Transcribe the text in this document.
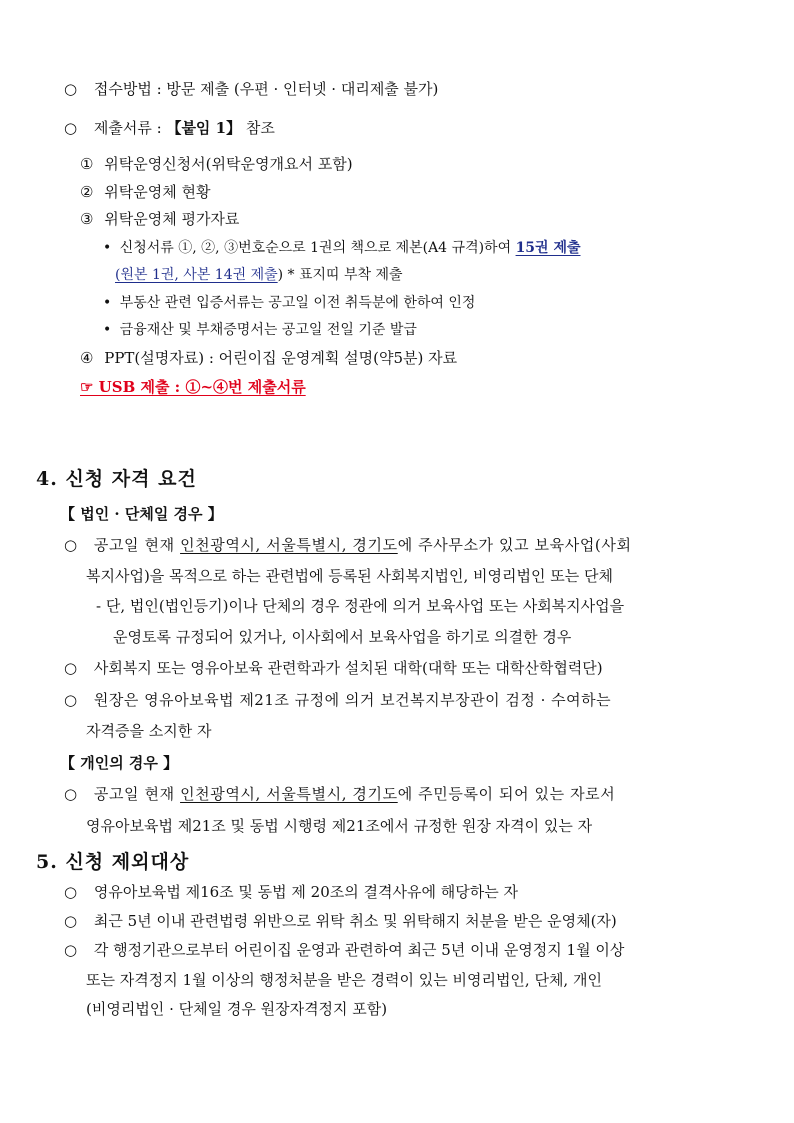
○ 접수방법 : 방문 제출 (우편 · 인터넷 · 대리제출 불가)
○ 제출서류 : 【붙임 1】 참조
① 위탁운영신청서(위탁운영개요서 포함)
② 위탁운영체 현황
③ 위탁운영체 평가자료
• 신청서류 ①, ②, ③번호순으로 1권의 책으로 제본(A4 규격)하여 15권 제출
(원본 1권, 사본 14권 제출) * 표지띠 부착 제출
• 부동산 관련 입증서류는 공고일 이전 취득분에 한하여 인정
• 금융재산 및 부채증명서는 공고일 전일 기준 발급
④ PPT(설명자료) : 어린이집 운영계획 설명(약5분) 자료
☞ USB 제출 : ①~④번 제출서류
4. 신청 자격 요건
【 법인 · 단체일 경우 】
○ 공고일 현재 인천광역시, 서울특별시, 경기도에 주사무소가 있고 보육사업(사회
복지사업)을 목적으로 하는 관련법에 등록된 사회복지법인, 비영리법인 또는 단체
- 단, 법인(법인등기)이나 단체의 경우 정관에 의거 보육사업 또는 사회복지사업을
운영토록 규정되어 있거나, 이사회에서 보육사업을 하기로 의결한 경우
○ 사회복지 또는 영유아보육 관련학과가 설치된 대학(대학 또는 대학산학협력단)
○ 원장은 영유아보육법 제21조 규정에 의거 보건복지부장관이 검정 · 수여하는
자격증을 소지한 자
【 개인의 경우 】
○ 공고일 현재 인천광역시, 서울특별시, 경기도에 주민등록이 되어 있는 자로서
영유아보육법 제21조 및 동법 시행령 제21조에서 규정한 원장 자격이 있는 자
5. 신청 제외대상
○ 영유아보육법 제16조 및 동법 제 20조의 결격사유에 해당하는 자
○ 최근 5년 이내 관련법령 위반으로 위탁 취소 및 위탁해지 처분을 받은 운영체(자)
○ 각 행정기관으로부터 어린이집 운영과 관련하여 최근 5년 이내 운영정지 1월 이상
또는 자격정지 1월 이상의 행정처분을 받은 경력이 있는 비영리법인, 단체, 개인
(비영리법인 · 단체일 경우 원장자격정지 포함)
